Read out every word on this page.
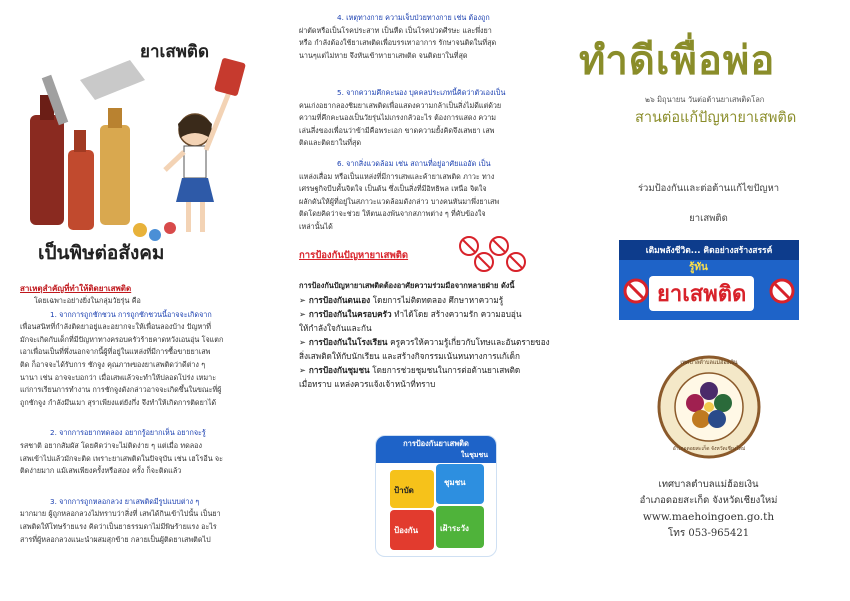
ยาเสพติด
เป็นพิษต่อสังคม

สาเหตุสำคัญที่ทำให้ติดยาเสพติด

โดยเฉพาะอย่างยิ่งในกลุ่มวัยรุ่น คือ

1. จากการถูกชักชวน การถูกชักชวนนี้อาจจะเกิดจาก

เพื่อนสนิทที่กำลังติดยาอยู่และอยากจะให้เพื่อนลองบ้าง ปัญหาที่

มักจะเกิดกับเด็กที่มีปัญหาทางครอบครัวร้ายคาดหวังเอนอุ่น โจแตก

เอาเพื่อนเป็นที่พึ่งนอกจากนี้ผู้ที่อยู่ในแหล่งที่มีการซื้อขายยาเสพ

ติด ก็อาจจะได้รับการ ชักจูง คุณภาพของยาเสพติดว่าดีต่าง ๆ

นานา เช่น อาจจะบอกว่า เมื่อเสพแล้วจะทำให้ปลอดโปร่ง เหมาะ

แก่การเรียนการทำงาน การชักจูงดังกล่าวอาจจะเกิดขึ้นในขณะที่ผู้

ถูกชักจูง กำลังมึนเมา สุราเพียงแต่ยังกึ่ง จึงทำให้เกิดการติดยาได้

2. จากการอยากทดลอง อยากรู้อยากเห็น อยากจะรู้

รสชาติ อยากสัมผัส โดยคิดว่าจะไม่ติดง่าย ๆ แต่เมื่อ ทดลอง

เสพเข้าไปแล้วมักจะติด เพราะยาเสพติดในปัจจุบัน เช่น เฮโรอีน จะ

ติดง่ายมาก แม้เสพเพียงครั้งหรือสอง ครั้ง ก็จะติดแล้ว

3. จากการถูกหลอกลวง ยาเสพติดมีรูปแบบต่าง ๆ

มากมาย ผู้ถูกหลอกลวงไม่ทราบว่าสิ่งที่ เสพได้กินเข้าไปนั้น เป็นยา

เสพติดให้โทษร้ายแรง คิดว่าเป็นยาธรรมดาไม่มีพิษร้ายแรง อะไร

สารที่ผู้หลอกลวงแนะนำผสมสุกข้าย กลายเป็นผู้ติดยาเสพติดไป

4. เหตุทางกาย ความเจ็บป่วยทางกาย เช่น ต้องถูก

ผ่าตัดหรือเป็นโรคประสาท เป็นหืด เป็นโรคปวดศีรษะ และพึ่งยา

หรือ กำลังต้องใช้ยาเสพติดเพื่อบรรเทาอาการ รักษาจนติดในที่สุด

นานๆแต่ไม่หาย จึงหันเข้าหายาเสพติด จนติดยาในที่สุด

5. จากความคึกคะนอง บุคคลประเภทนี้คิดว่าตัวเองเป็น

คนเก่งอยากลองชิมยาเสพติดเพื่อแสดงความกล้าเป็นสิ่งไม่ดีแต่ด้วย

ความที่คึกคะนองเป็นวัยรุ่นไม่เกรงกลัวอะไร ต้องการแสดง ความ

เล่นลึ่งของเพื่อนว่าข้ามีคือพระเอก ขาดความยั้งคิดจึงเสพยา เสพ

ติดและติดยาในที่สุด

6. จากสิ่งแวดล้อม เช่น สถานที่อยู่อาศัยแออัด เป็น

แหล่งเสื่อม หรือเป็นแหล่งที่มีการเสพและค้ายาเสพติด ภาวะ ทาง

เศรษฐกิจบีบคั้นจิตใจ เป็นต้น ซึ่งเป็นสิ่งที่มีอิทธิพล เหนือ จิตใจ

ผลักดันให้ผู้ที่อยู่ในสภาวะแวดล้อมดังกล่าว บางคนหันมาพึ่งยาเสพ

ติดโดยคิดว่าจะช่วย ให้ตนเองพ้นจากสภาพต่าง ๆ ที่คับข้องใจ

เหล่านั้นได้

การป้องกันปัญหายาเสพติด

การป้องกันปัญหายาเสพติดต้องอาศัยความร่วมมือจากหลายฝ่าย ดังนี้

➢ การป้องกันตนเอง โดยการไม่ติดทดลอง ศึกษาหาความรู้

➢ การป้องกันในครอบครัว ทำได้โดย สร้างความรัก ความอบอุ่น

ให้กำลังใจกันและกัน

➢ การป้องกันในโรงเรียน ครูควรให้ความรู้เกี่ยวกับโทษและอันตรายของ

สิ่งเสพติดให้กับนักเรียน และสร้างกิจกรรมเน้นหนทางการแก้เด็ก

➢ การป้องกันชุมชน โดยการช่วยชุมชนในการต่อต้านยาเสพติด

เมื่อทราบ แหล่งควรแจ้งเจ้าหน้าที่ทราบ

การป้องกันยาเสพติด
ในชุมชน
ป้าบัด
ชุมชน
ป้องกัน	เฝ้าระวัง
ทำดีเพื่อพ่อ
๒๖ มิถุนายน วันต่อต้านยาเสพติดโลก
สานต่อแก้ปัญหายาเสพติด

ร่วมป้องกันและต่อต้านแก้ไขปัญหา

ยาเสพติด

เติมพลังชีวิต... คิดอย่างสร้างสรรค์
รู้ทัน
ยาเสพติด
เทศบาลตำบลแม่ฮ่องเงิน
อำเภอดอยสะเก็ด จังหวัดเชียงใหม่

เทศบาลตำบลแม่ฮ้อยเงิน

อำเภอดอยสะเก็ด จังหวัดเชียงใหม่

www.maehoingoen.go.th

โทร 053-965421
